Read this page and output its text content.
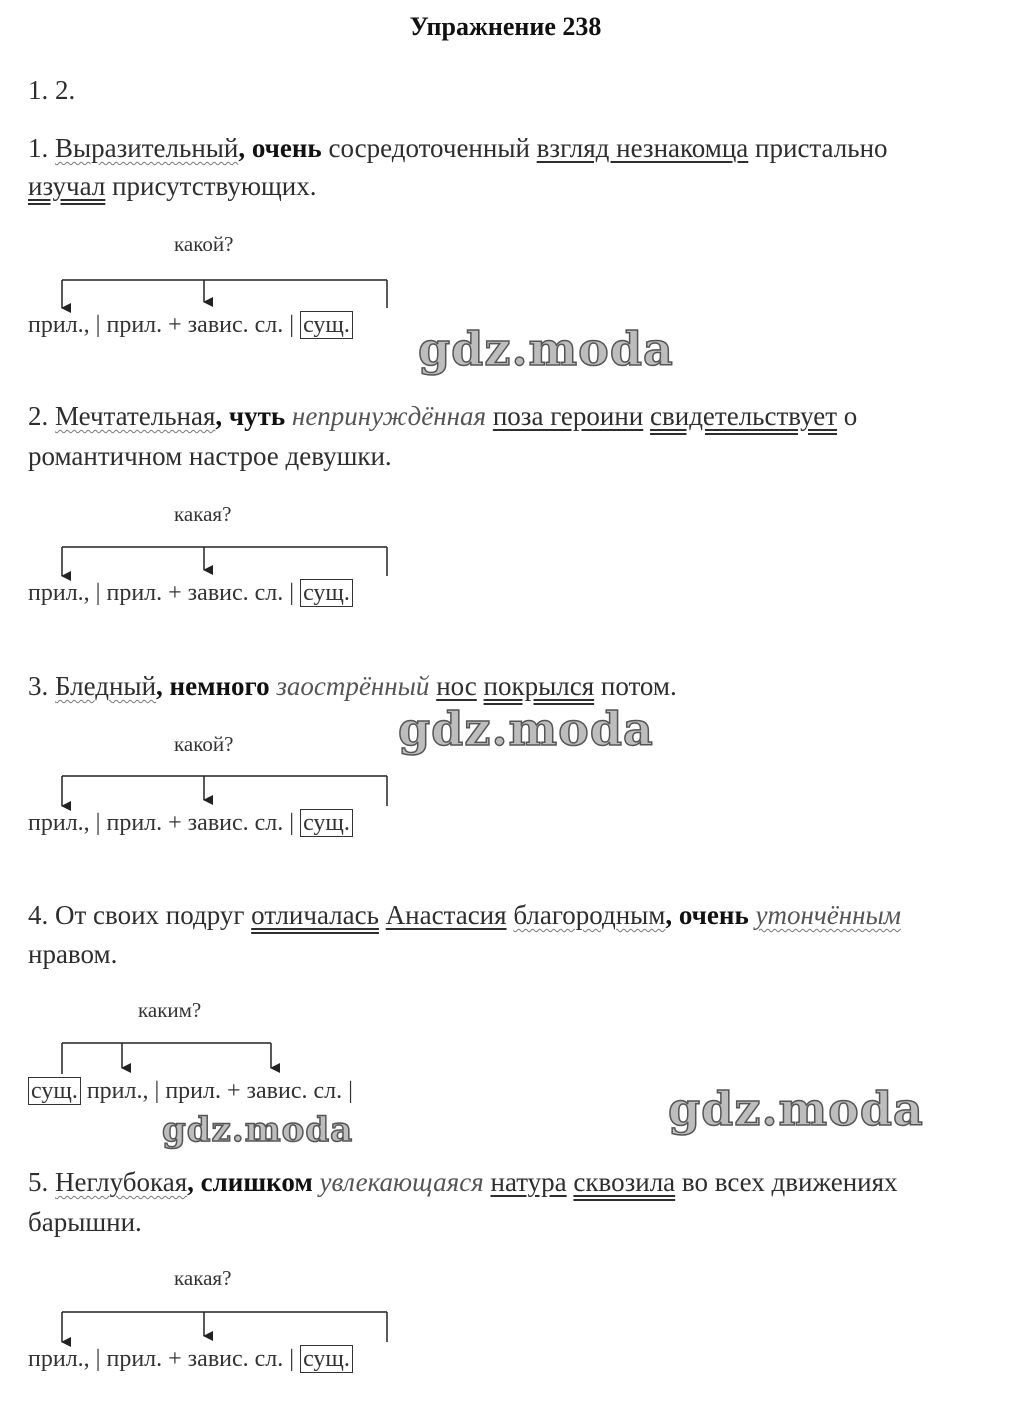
Упражнение 238
1. 2.
1. Выразительный, очень сосредоточенный взгляд незнакомца пристально
изучал присутствующих.
какой?
прил., | прил. + завис. сл. | сущ.
2. Мечтательная, чуть непринуждённая поза героини свидетельствует о
романтичном настрое девушки.
какая?
прил., | прил. + завис. сл. | сущ.
3. Бледный, немного заострённый нос покрылся потом.
какой?
прил., | прил. + завис. сл. | сущ.
4. От своих подруг отличалась Анастасия благородным, очень утончённым
нравом.
каким?
сущ. прил., | прил. + завис. сл. |
5. Неглубокая, слишком увлекающаяся натура сквозила во всех движениях
барышни.
какая?
прил., | прил. + завис. сл. | сущ.
gdz.moda
gdz.moda
gdz.moda
gdz.moda
